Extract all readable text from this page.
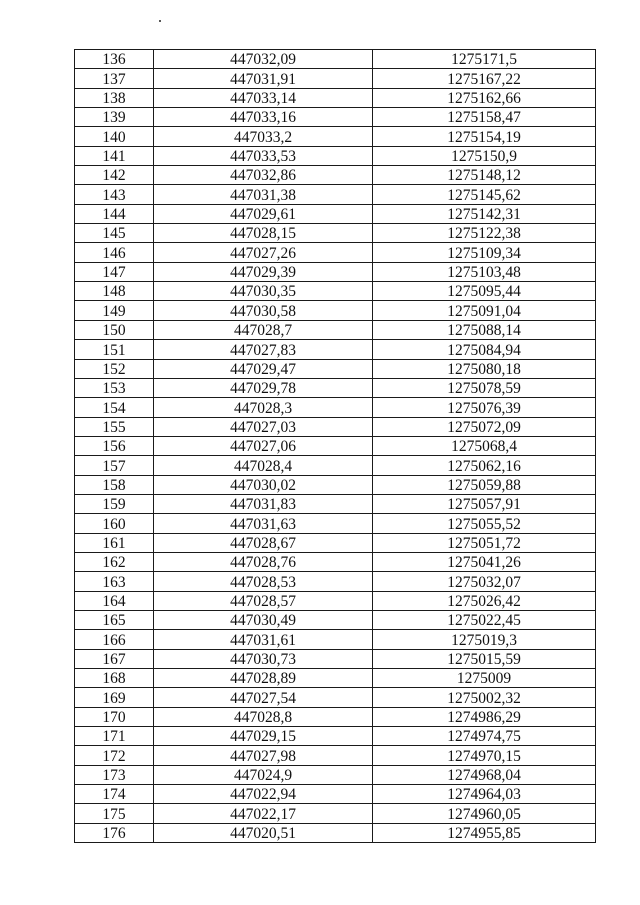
136	447032,09	1275171,5
137	447031,91	1275167,22
138	447033,14	1275162,66
139	447033,16	1275158,47
140	447033,2	1275154,19
141	447033,53	1275150,9
142	447032,86	1275148,12
143	447031,38	1275145,62
144	447029,61	1275142,31
145	447028,15	1275122,38
146	447027,26	1275109,34
147	447029,39	1275103,48
148	447030,35	1275095,44
149	447030,58	1275091,04
150	447028,7	1275088,14
151	447027,83	1275084,94
152	447029,47	1275080,18
153	447029,78	1275078,59
154	447028,3	1275076,39
155	447027,03	1275072,09
156	447027,06	1275068,4
157	447028,4	1275062,16
158	447030,02	1275059,88
159	447031,83	1275057,91
160	447031,63	1275055,52
161	447028,67	1275051,72
162	447028,76	1275041,26
163	447028,53	1275032,07
164	447028,57	1275026,42
165	447030,49	1275022,45
166	447031,61	1275019,3
167	447030,73	1275015,59
168	447028,89	1275009
169	447027,54	1275002,32
170	447028,8	1274986,29
171	447029,15	1274974,75
172	447027,98	1274970,15
173	447024,9	1274968,04
174	447022,94	1274964,03
175	447022,17	1274960,05
176	447020,51	1274955,85
